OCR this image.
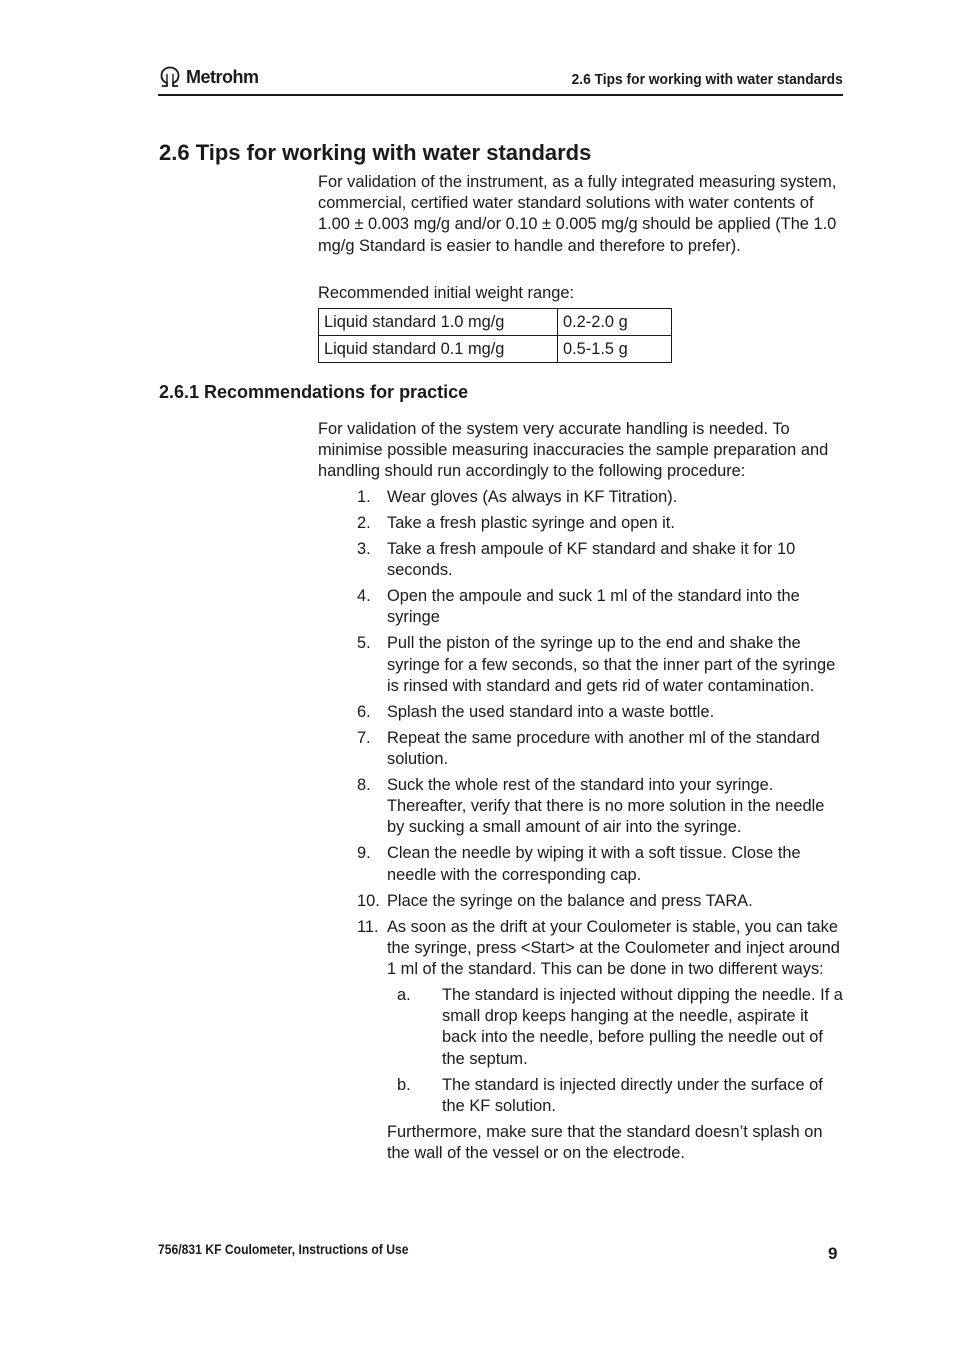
Metrohm	2.6 Tips for working with water standards
2.6 Tips for working with water standards

For validation of the instrument, as a fully integrated measuring system, commercial, certified water standard solutions with water contents of 1.00 ± 0.003 mg/g and/or 0.10 ± 0.005 mg/g should be applied (The 1.0 mg/g Standard is easier to handle and therefore to prefer).

Recommended initial weight range:
Liquid standard 1.0 mg/g	0.2-2.0 g
Liquid standard 0.1 mg/g	0.5-1.5 g
2.6.1 Recommendations for practice
For validation of the system very accurate handling is needed. To minimise possible measuring inaccuracies the sample preparation and handling should run accordingly to the following procedure:
1. Wear gloves (As always in KF Titration).
2. Take a fresh plastic syringe and open it.
3. Take a fresh ampoule of KF standard and shake it for 10 seconds.
4. Open the ampoule and suck 1 ml of the standard into the syringe
5. Pull the piston of the syringe up to the end and shake the syringe for a few seconds, so that the inner part of the syringe is rinsed with standard and gets rid of water contamination.
6. Splash the used standard into a waste bottle.
7. Repeat the same procedure with another ml of the standard solution.
8. Suck the whole rest of the standard into your syringe. Thereafter, verify that there is no more solution in the needle by sucking a small amount of air into the syringe.
9. Clean the needle by wiping it with a soft tissue. Close the needle with the corresponding cap.
10. Place the syringe on the balance and press TARA.
11. As soon as the drift at your Coulometer is stable, you can take the syringe, press <Start> at the Coulometer and inject around 1 ml of the standard. This can be done in two different ways:
a. The standard is injected without dipping the needle. If a small drop keeps hanging at the needle, aspirate it back into the needle, before pulling the needle out of the septum.
b. The standard is injected directly under the surface of the KF solution.
Furthermore, make sure that the standard doesn’t splash on the wall of the vessel or on the electrode.
756/831 KF Coulometer, Instructions of Use	9
